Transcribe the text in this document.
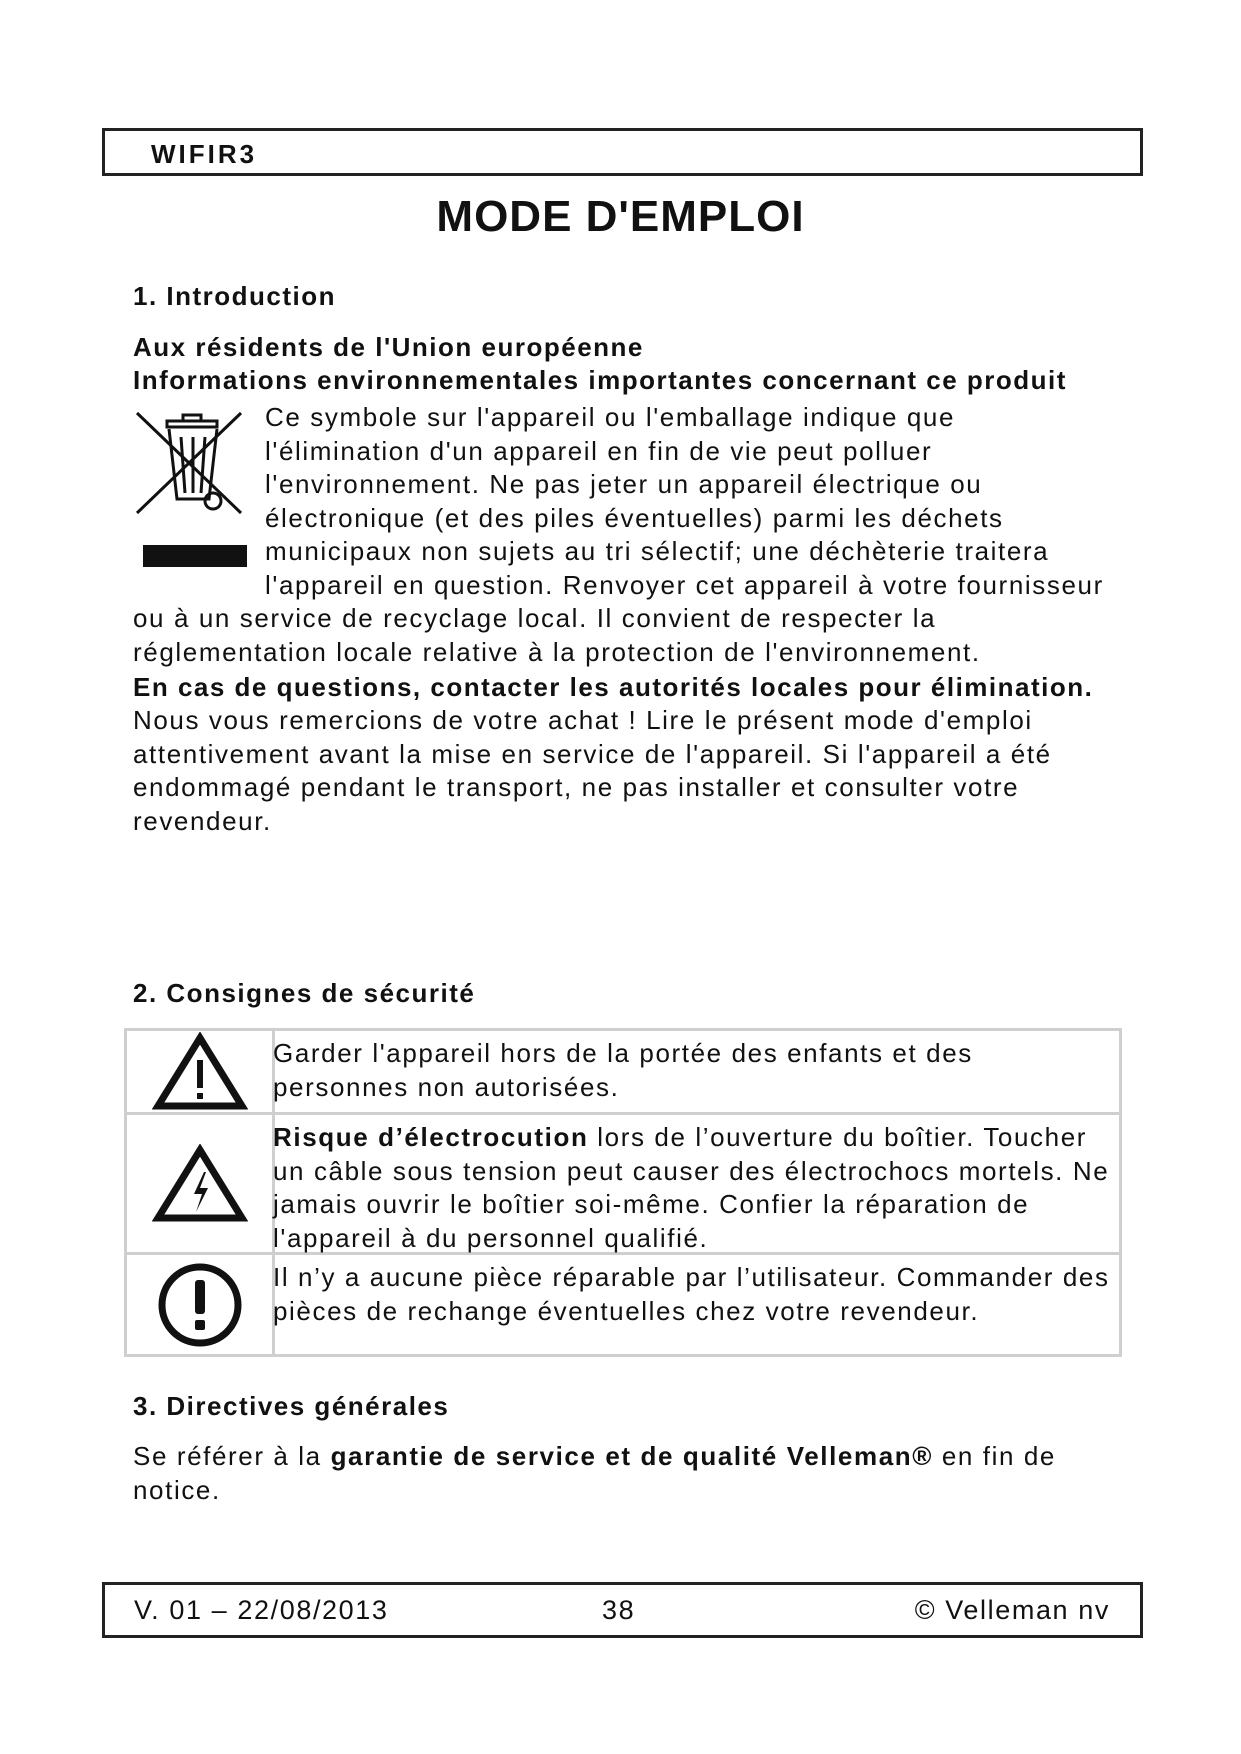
WIFIR3
MODE D'EMPLOI

1. Introduction

Aux résidents de l'Union européenne

Informations environnementales importantes concernant ce produit

Ce symbole sur l'appareil ou l'emballage indique que l'élimination d'un appareil en fin de vie peut polluer l'environnement. Ne pas jeter un appareil électrique ou électronique (et des piles éventuelles) parmi les déchets municipaux non sujets au tri sélectif; une déchèterie traitera l'appareil en question. Renvoyer cet appareil à votre fournisseur ou à un service de recyclage local. Il convient de respecter la réglementation locale relative à la protection de l'environnement.

En cas de questions, contacter les autorités locales pour élimination.

Nous vous remercions de votre achat ! Lire le présent mode d'emploi attentivement avant la mise en service de l'appareil. Si l'appareil a été endommagé pendant le transport, ne pas installer et consulter votre revendeur.

2. Consignes de sécurité

Garder l'appareil hors de la portée des enfants et des personnes non autorisées.
Risque d’électrocution lors de l’ouverture du boîtier. Toucher un câble sous tension peut causer des électrochocs mortels. Ne jamais ouvrir le boîtier soi-même. Confier la réparation de l'appareil à du personnel qualifié.
Il n’y a aucune pièce réparable par l’utilisateur. Commander des pièces de rechange éventuelles chez votre revendeur.

3. Directives générales

Se référer à la garantie de service et de qualité Velleman® en fin de notice.

V. 01 – 22/08/2013	38	© Velleman nv
